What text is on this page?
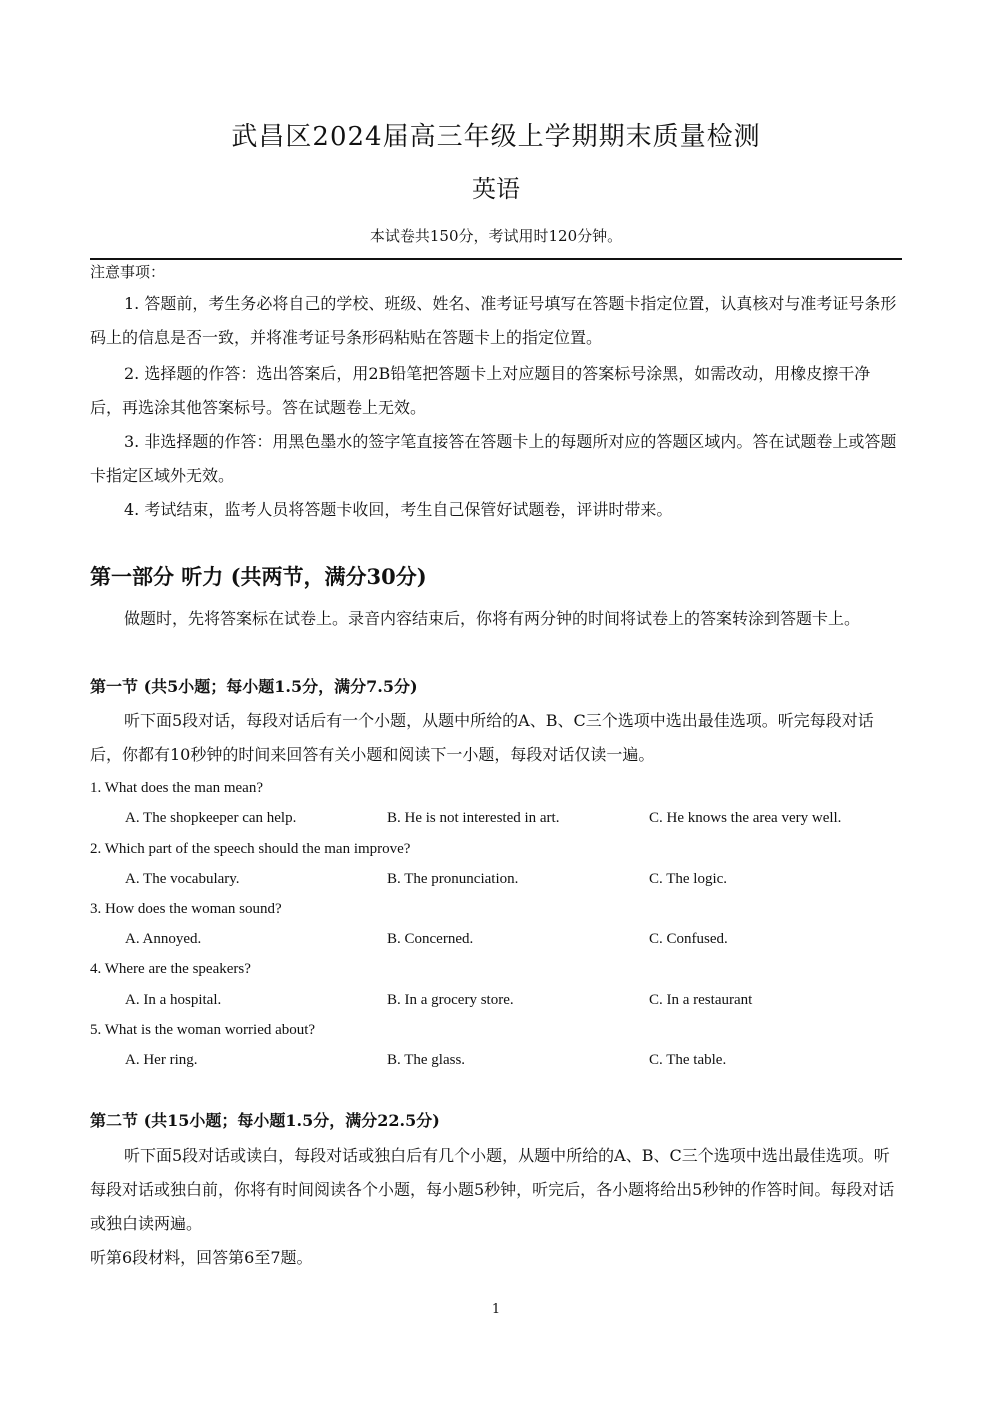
武昌区2024届高三年级上学期期末质量检测
英语
本试卷共150分，考试用时120分钟。
注意事项：
1. 答题前，考生务必将自己的学校、班级、姓名、准考证号填写在答题卡指定位置，认真核对与准考证号条形码上的信息是否一致，并将准考证号条形码粘贴在答题卡上的指定位置。
2. 选择题的作答：选出答案后，用2B铅笔把答题卡上对应题目的答案标号涂黑，如需改动，用橡皮擦干净后，再选涂其他答案标号。答在试题卷上无效。
3. 非选择题的作答：用黑色墨水的签字笔直接答在答题卡上的每题所对应的答题区域内。答在试题卷上或答题卡指定区域外无效。
4. 考试结束，监考人员将答题卡收回，考生自己保管好试题卷，评讲时带来。
第一部分 听力 (共两节，满分30分)
做题时，先将答案标在试卷上。录音内容结束后，你将有两分钟的时间将试卷上的答案转涂到答题卡上。
第一节 (共5小题；每小题1.5分，满分7.5分)
听下面5段对话，每段对话后有一个小题，从题中所给的A、B、C三个选项中选出最佳选项。听完每段对话后，你都有10秒钟的时间来回答有关小题和阅读下一小题，每段对话仅读一遍。
1. What does the man mean?
A. The shopkeeper can help.	B. He is not interested in art.	C. He knows the area very well.
2. Which part of the speech should the man improve?
A. The vocabulary.	B. The pronunciation.	C. The logic.
3. How does the woman sound?
A. Annoyed.	B. Concerned.	C. Confused.
4. Where are the speakers?
A. In a hospital.	B. In a grocery store.	C. In a restaurant
5. What is the woman worried about?
A. Her ring.	B. The glass.	C. The table.
第二节 (共15小题；每小题1.5分，满分22.5分)
听下面5段对话或读白，每段对话或独白后有几个小题，从题中所给的A、B、C三个选项中选出最佳选项。听每段对话或独白前，你将有时间阅读各个小题，每小题5秒钟，听完后，各小题将给出5秒钟的作答时间。每段对话或独白读两遍。
听第6段材料，回答第6至7题。
1
